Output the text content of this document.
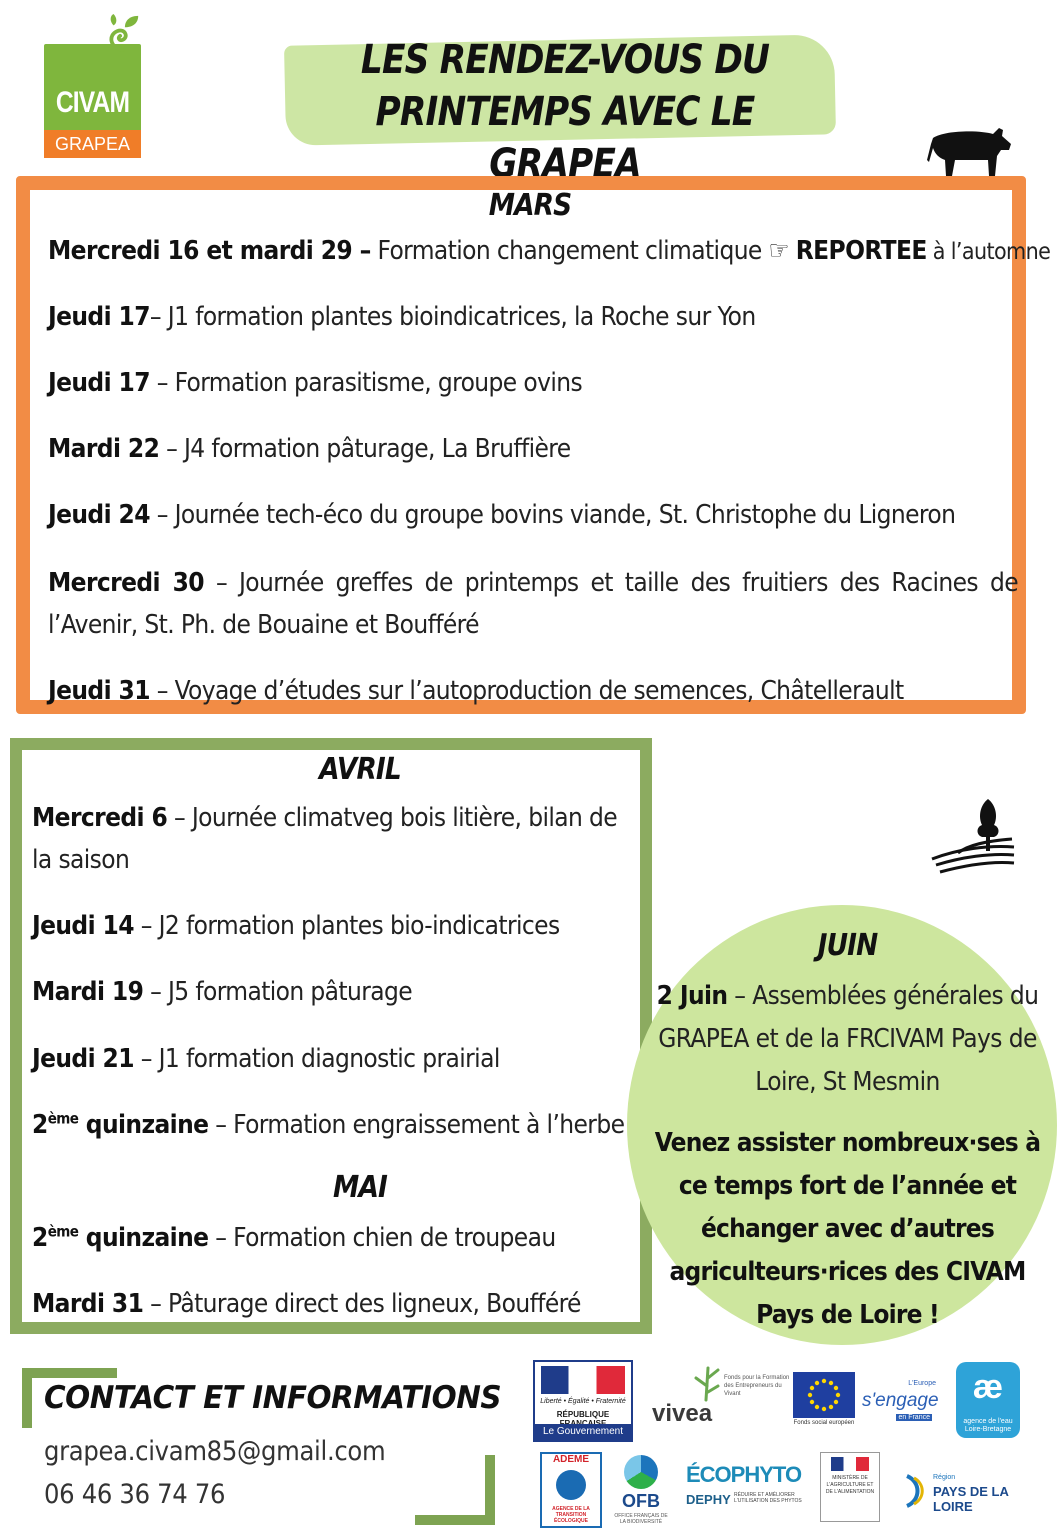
CIVAM
GRAPEA
LES RENDEZ-VOUS DU
PRINTEMPS AVEC LE GRAPEA
MARS
Mercredi 16 et mardi 29 – Formation changement climatique ☞ REPORTEE à l’automne
Jeudi 17– J1 formation plantes bioindicatrices, la Roche sur Yon
Jeudi 17 – Formation parasitisme, groupe ovins
Mardi 22 – J4 formation pâturage, La Bruffière
Jeudi 24 – Journée tech-éco du groupe bovins viande, St. Christophe du Ligneron
Mercredi 30 – Journée greffes de printemps et taille des fruitiers des Racines de l’Avenir, St. Ph. de Bouaine et Boufféré
Jeudi 31 – Voyage d’études sur l’autoproduction de semences, Châtellerault
AVRIL
Mercredi 6 – Journée climatveg bois litière, bilan de la saison
Jeudi 14 – J2 formation plantes bio-indicatrices
Mardi 19 – J5 formation pâturage
Jeudi 21 – J1 formation diagnostic prairial
2ème quinzaine – Formation engraissement à l’herbe
MAI
2ème quinzaine – Formation chien de troupeau
Mardi 31 – Pâturage direct des ligneux, Boufféré
JUIN
2 Juin – Assemblées générales du GRAPEA et de la FRCIVAM Pays de Loire, St Mesmin
Venez assister nombreux·ses à ce temps fort de l’année et échanger avec d’autres agriculteurs·rices des CIVAM Pays de Loire !
CONTACT ET INFORMATIONS
grapea.civam85@gmail.com
06 46 36 74 76
Liberté • Égalité • Fraternité
RÉPUBLIQUE
Le Gouvernement
vivea
Fonds pour la Formation des Entrepreneurs du Vivant
Fonds social européen
L'Europe
s'engage
en France
æ
agence de l'eau Loire-Bretagne
ADEME
AGENCE DE LA TRANSITION ÉCOLOGIQUE
OFB
OFFICE FRANÇAIS DE LA BIODIVERSITÉ
ÉCOPHYTO
DEPHY RÉDUIRE ET AMÉLIORER L'UTILISATION DES PHYTOS
MINISTÈRE DE L'AGRICULTURE ET DE L'ALIMENTATION
Région
PAYS DE LA LOIRE
